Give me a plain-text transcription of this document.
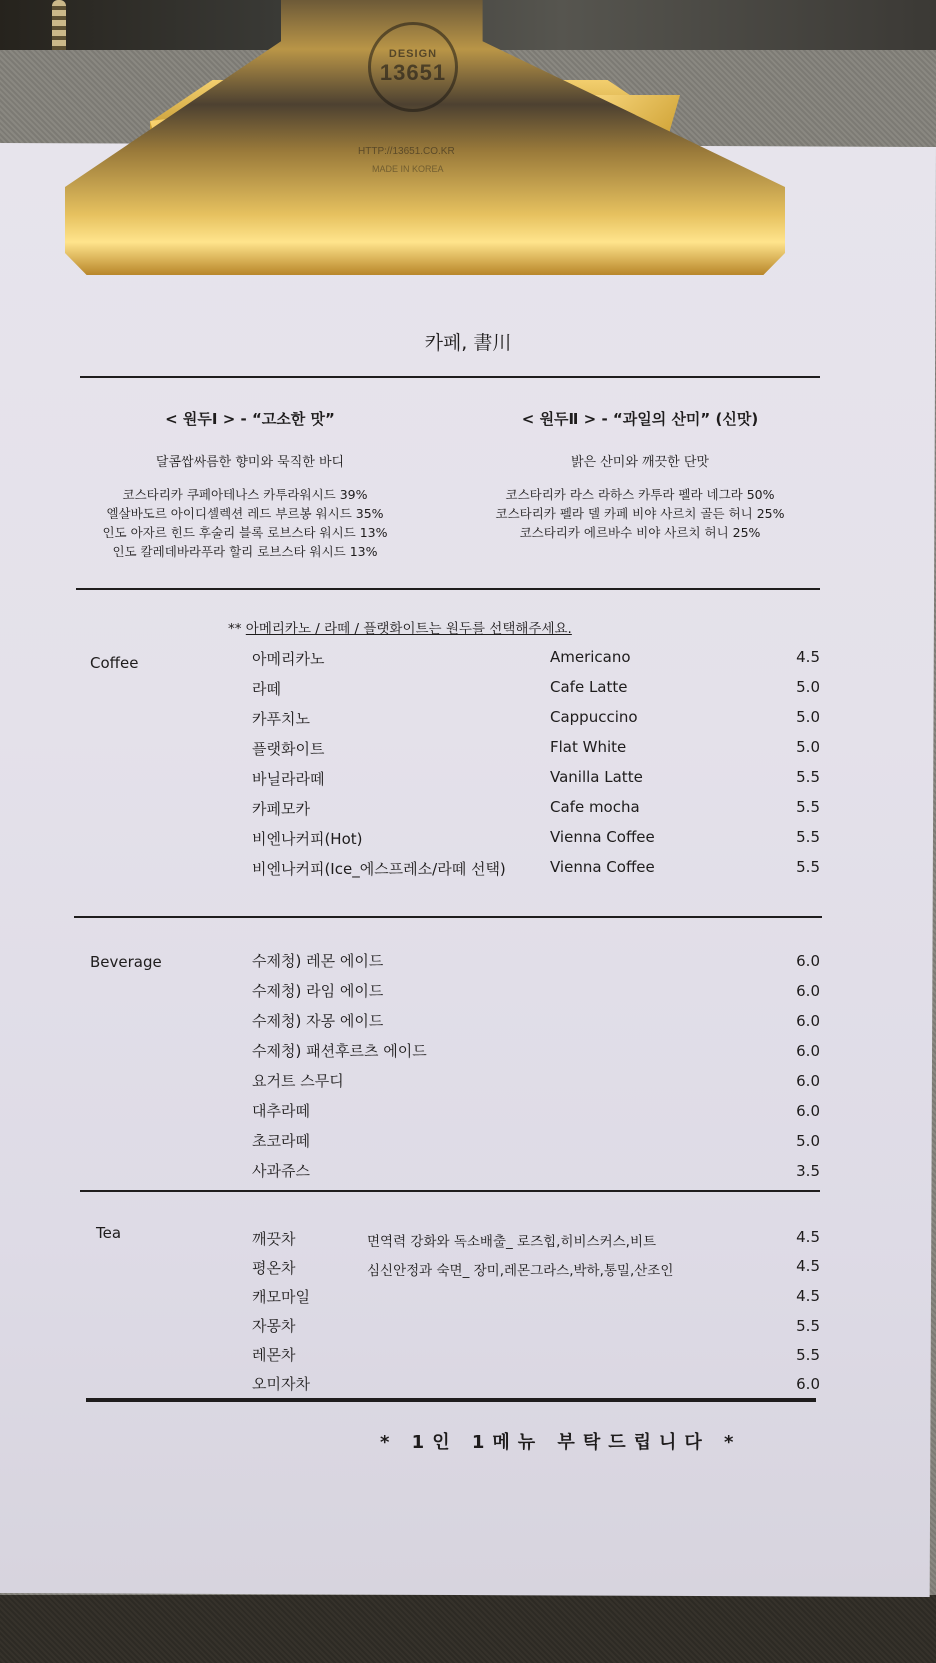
카페, 書川
< 원두Ⅰ > - “고소한 맛”
달콤쌉싸름한 향미와 묵직한 바디
코스타리카 쿠페아테나스 카투라워시드 39%
엘살바도르 아이디셀렉션 레드 부르봉 워시드 35%
인도 아자르 힌드 후술리 블록 로브스타 워시드 13%
인도 칼레데바라푸라 할리 로브스타 워시드 13%
< 원두Ⅱ > - “과일의 산미” (신맛)
밝은 산미와 깨끗한 단맛
코스타리카 라스 라하스 카투라 펠라 네그라 50%
코스타리카 펠라 델 카페 비야 사르치 골든 허니 25%
코스타리카 에르바수 비야 사르치 허니 25%
** 아메리카노 / 라떼 / 플랫화이트는 원두를 선택해주세요.
Coffee	아메리카노	Americano	4.5
라떼	Cafe Latte	5.0
카푸치노	Cappuccino	5.0
플랫화이트	Flat White	5.0
바닐라라떼	Vanilla Latte	5.5
카페모카	Cafe mocha	5.5
비엔나커피(Hot)	Vienna Coffee	5.5
비엔나커피(Ice_에스프레소/라떼 선택)	Vienna Coffee	5.5
Beverage	수제청) 레몬 에이드	6.0
수제청) 라임 에이드	6.0
수제청) 자몽 에이드	6.0
수제청) 패션후르츠 에이드	6.0
요거트 스무디	6.0
대추라떼	6.0
초코라떼	5.0
사과쥬스	3.5
Tea	깨끗차	면역력 강화와 독소배출_ 로즈힙,히비스커스,비트	4.5
평온차	심신안정과 숙면_ 장미,레몬그라스,박하,통밀,산조인	4.5
캐모마일	4.5
자몽차	5.5
레몬차	5.5
오미자차	6.0
* 1인 1메뉴 부탁드립니다 *
DESIGN
13651
HTTP://13651.CO.KR
MADE IN KOREA
